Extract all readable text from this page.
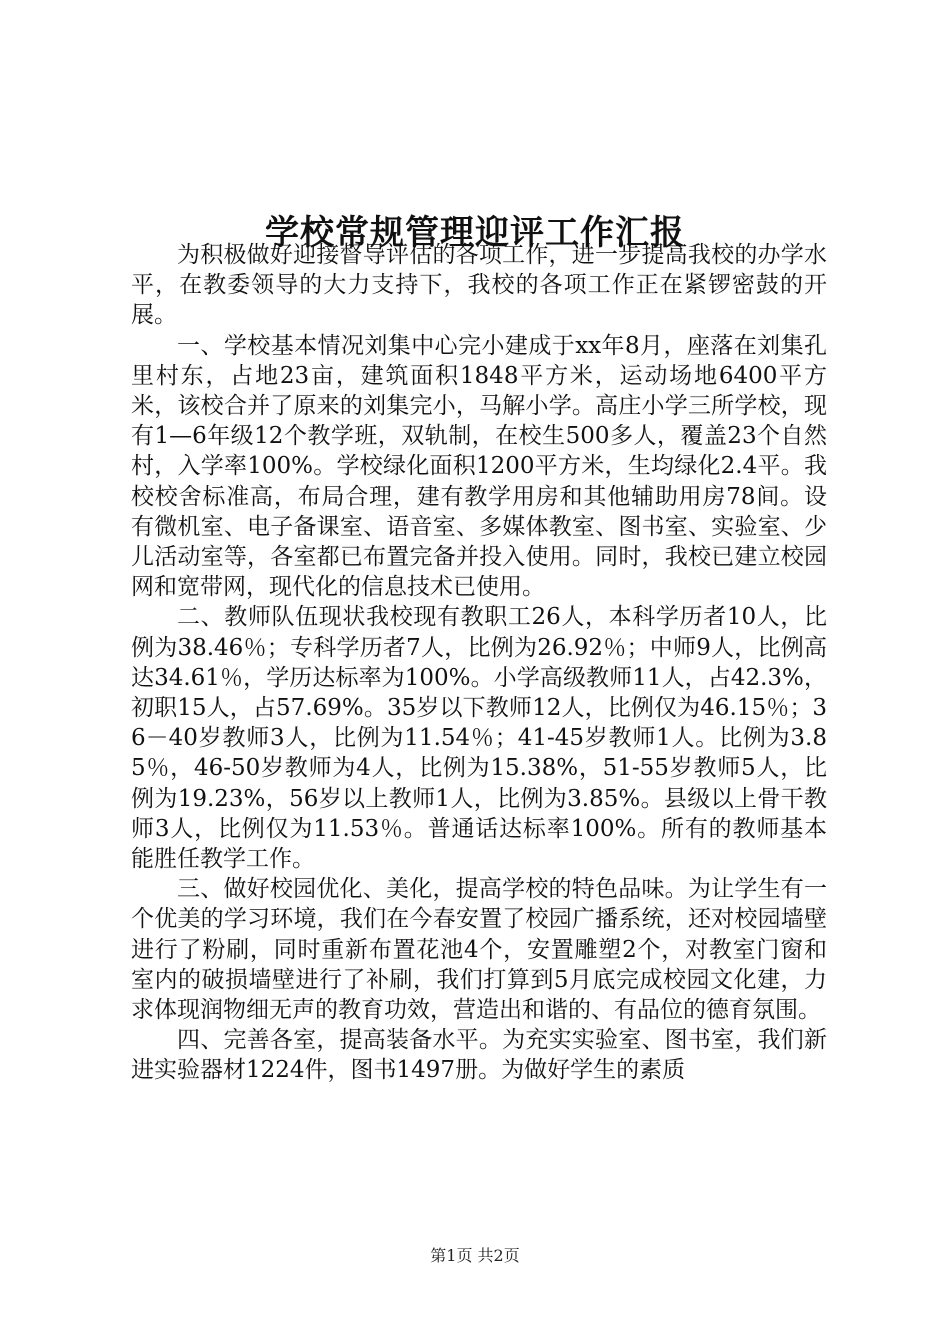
学校常规管理迎评工作汇报

为积极做好迎接督导评估的各项工作，进一步提高我校的办学水平，在教委领导的大力支持下，我校的各项工作正在紧锣密鼓的开展。

一、学校基本情况刘集中心完小建成于xx年8月，座落在刘集孔里村东，占地23亩，建筑面积1848平方米，运动场地6400平方米，该校合并了原来的刘集完小，马解小学。高庄小学三所学校，现有1—6年级12个教学班，双轨制，在校生500多人，覆盖23个自然村，入学率100%。学校绿化面积1200平方米，生均绿化2.4平。我校校舍标准高，布局合理，建有教学用房和其他辅助用房78间。设有微机室、电子备课室、语音室、多媒体教室、图书室、实验室、少儿活动室等，各室都已布置完备并投入使用。同时，我校已建立校园网和宽带网，现代化的信息技术已使用。

二、教师队伍现状我校现有教职工26人，本科学历者10人，比例为38.46％；专科学历者7人，比例为26.92％；中师9人，比例高达34.61％，学历达标率为100%。小学高级教师11人，占42.3%，初职15人，占57.69%。35岁以下教师12人，比例仅为46.15％；36－40岁教师3人，比例为11.54％；41-45岁教师1人。比例为3.85％，46-50岁教师为4人，比例为15.38%，51-55岁教师5人，比例为19.23%，56岁以上教师1人，比例为3.85%。县级以上骨干教师3人，比例仅为11.53％。普通话达标率100%。所有的教师基本能胜任教学工作。

三、做好校园优化、美化，提高学校的特色品味。为让学生有一个优美的学习环境，我们在今春安置了校园广播系统，还对校园墙壁进行了粉刷，同时重新布置花池4个，安置雕塑2个，对教室门窗和室内的破损墙壁进行了补刷，我们打算到5月底完成校园文化建，力求体现润物细无声的教育功效，营造出和谐的、有品位的德育氛围。

四、完善各室，提高装备水平。为充实实验室、图书室，我们新进实验器材1224件，图书1497册。为做好学生的素质

第1页 共2页
